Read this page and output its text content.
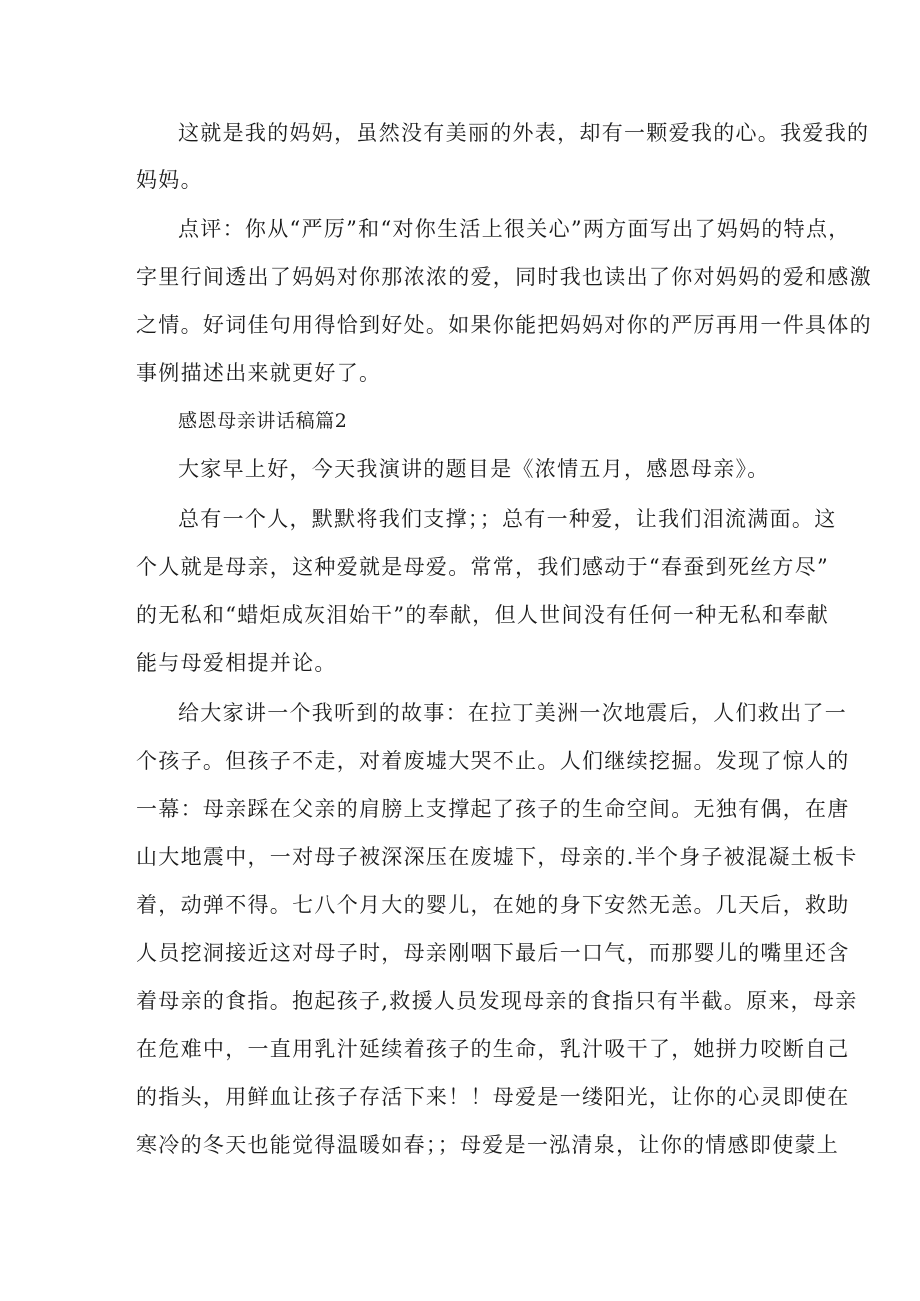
这就是我的妈妈，虽然没有美丽的外表，却有一颗爱我的心。我爱我的
妈妈。
点评：你从“严厉”和“对你生活上很关心”两方面写出了妈妈的特点，
字里行间透出了妈妈对你那浓浓的爱，同时我也读出了你对妈妈的爱和感激
之情。好词佳句用得恰到好处。如果你能把妈妈对你的严厉再用一件具体的
事例描述出来就更好了。
感恩母亲讲话稿篇2
大家早上好，今天我演讲的题目是《浓情五月，感恩母亲》。
总有一个人，默默将我们支撑；；总有一种爱，让我们泪流满面。这
个人就是母亲，这种爱就是母爱。常常，我们感动于“春蚕到死丝方尽”
的无私和“蜡炬成灰泪始干”的奉献，但人世间没有任何一种无私和奉献
能与母爱相提并论。
给大家讲一个我听到的故事：在拉丁美洲一次地震后，人们救出了一
个孩子。但孩子不走，对着废墟大哭不止。人们继续挖掘。发现了惊人的
一幕：母亲踩在父亲的肩膀上支撑起了孩子的生命空间。无独有偶，在唐
山大地震中，一对母子被深深压在废墟下，母亲的.半个身子被混凝土板卡
着，动弹不得。七八个月大的婴儿，在她的身下安然无恙。几天后，救助
人员挖洞接近这对母子时，母亲刚咽下最后一口气，而那婴儿的嘴里还含
着母亲的食指。抱起孩子,救援人员发现母亲的食指只有半截。原来，母亲
在危难中，一直用乳汁延续着孩子的生命，乳汁吸干了，她拼力咬断自己
的指头，用鲜血让孩子存活下来！！母爱是一缕阳光，让你的心灵即使在
寒冷的冬天也能觉得温暖如春；；母爱是一泓清泉，让你的情感即使蒙上
